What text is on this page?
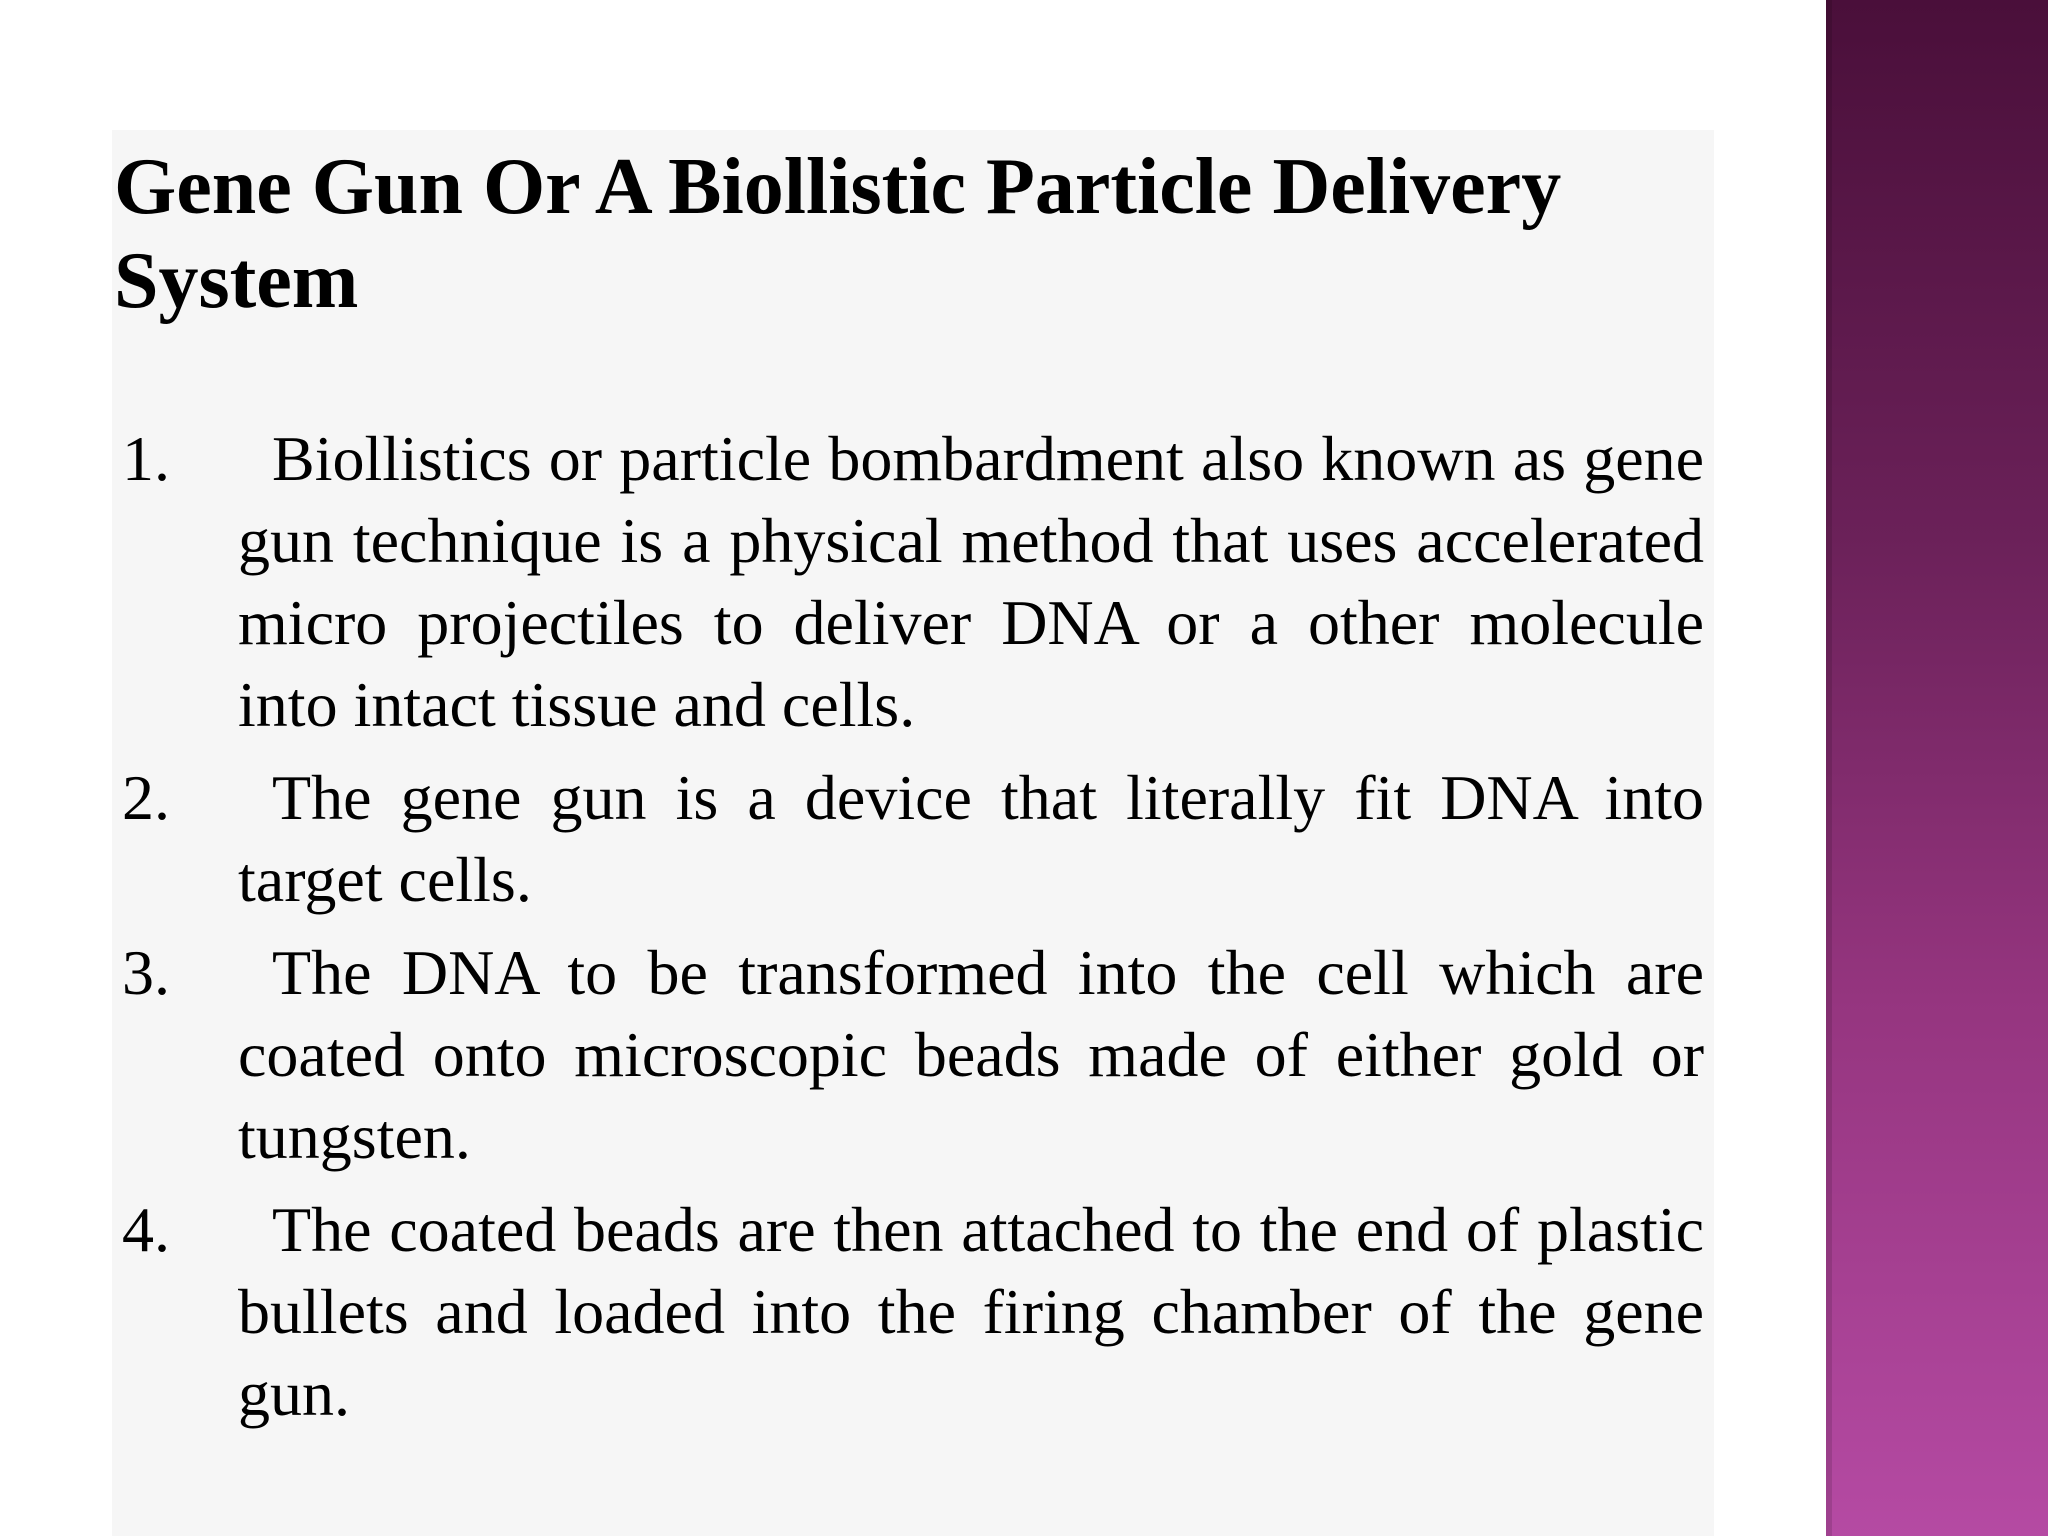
Gene Gun Or A Biollistic Particle Delivery System
1. Biollistics or particle bombardment also known as gene gun technique is a physical method that uses accelerated micro projectiles to deliver DNA or a other molecule into intact tissue and cells.
2. The gene gun is a device that literally fit DNA into target cells.
3. The DNA to be transformed into the cell which are coated onto microscopic beads made of either gold or tungsten.
4. The coated beads are then attached to the end of plastic bullets and loaded into the firing chamber of the gene gun.
